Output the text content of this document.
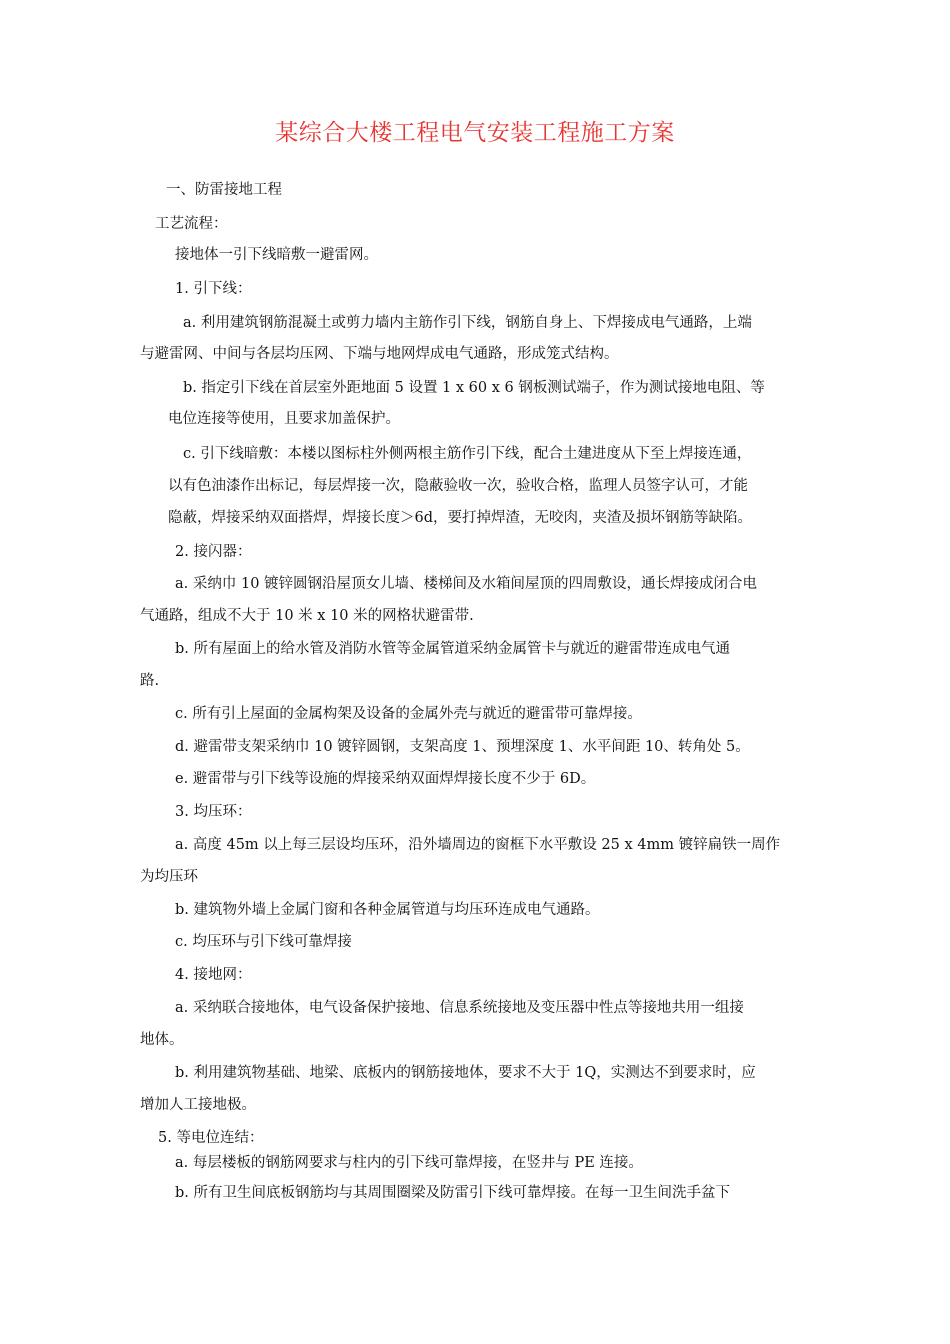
某综合大楼工程电气安装工程施工方案
一、防雷接地工程
工艺流程：
接地体一引下线暗敷一避雷网。
1. 引下线：
a. 利用建筑钢筋混凝土或剪力墙内主筋作引下线，钢筋自身上、下焊接成电气通路，上端
与避雷网、中间与各层均压网、下端与地网焊成电气通路，形成笼式结构。
b. 指定引下线在首层室外距地面 5 设置 1 x 60 x 6 钢板测试端子，作为测试接地电阻、等
电位连接等使用，且要求加盖保护。
c. 引下线暗敷：本楼以图标柱外侧两根主筋作引下线，配合土建进度从下至上焊接连通，
以有色油漆作出标记，每层焊接一次，隐蔽验收一次，验收合格，监理人员签字认可，才能
隐蔽，焊接采纳双面搭焊，焊接长度＞6d，要打掉焊渣，无咬肉，夹渣及损坏钢筋等缺陷。
2. 接闪器：
a. 采纳巾 10 镀锌圆钢沿屋顶女儿墙、楼梯间及水箱间屋顶的四周敷设，通长焊接成闭合电
气通路，组成不大于 10 米 x 10 米的网格状避雷带.
b. 所有屋面上的给水管及消防水管等金属管道采纳金属管卡与就近的避雷带连成电气通
路.
c. 所有引上屋面的金属构架及设备的金属外壳与就近的避雷带可靠焊接。
d. 避雷带支架采纳巾 10 镀锌圆钢，支架高度 1、预埋深度 1、水平间距 10、转角处 5。
e. 避雷带与引下线等设施的焊接采纳双面焊焊接长度不少于 6D。
3. 均压环：
a. 高度 45m 以上每三层设均压环，沿外墙周边的窗框下水平敷设 25 x 4mm 镀锌扁铁一周作
为均压环
b. 建筑物外墙上金属门窗和各种金属管道与均压环连成电气通路。
c. 均压环与引下线可靠焊接
4. 接地网：
a. 采纳联合接地体，电气设备保护接地、信息系统接地及变压器中性点等接地共用一组接
地体。
b. 利用建筑物基础、地梁、底板内的钢筋接地体，要求不大于 1Q，实测达不到要求时，应
增加人工接地极。
5. 等电位连结：
a. 每层楼板的钢筋网要求与柱内的引下线可靠焊接，在竖井与 PE 连接。
b. 所有卫生间底板钢筋均与其周围圈梁及防雷引下线可靠焊接。在每一卫生间洗手盆下
